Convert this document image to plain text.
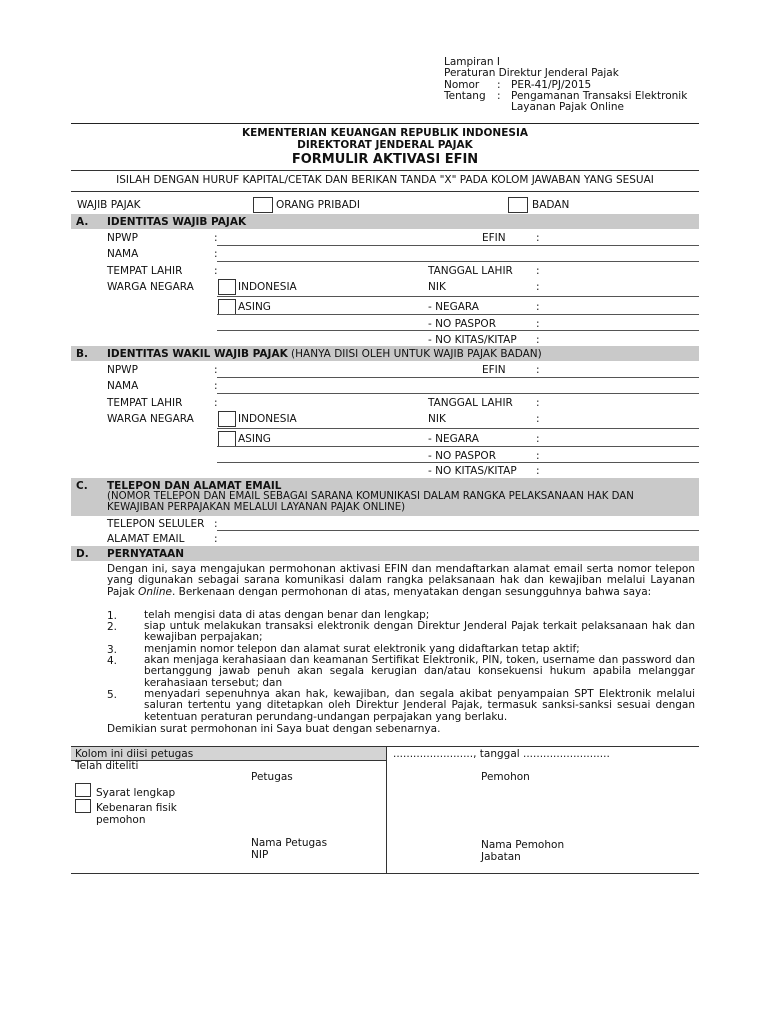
Lampiran I
Peraturan Direktur Jenderal Pajak
Nomor : PER-41/PJ/2015
Tentang : Pengamanan Transaksi Elektronik
Layanan Pajak Online
KEMENTERIAN KEUANGAN REPUBLIK INDONESIA
DIREKTORAT JENDERAL PAJAK
FORMULIR AKTIVASI EFIN
ISILAH DENGAN HURUF KAPITAL/CETAK DAN BERIKAN TANDA "X" PADA KOLOM JAWABAN YANG SESUAI
WAJIB PAJAK	ORANG PRIBADI	BADAN
A. IDENTITAS WAJIB PAJAK
NPWP	:	EFIN	:
NAMA	:
TEMPAT LAHIR	:	TANGGAL LAHIR :
WARGA NEGARA	INDONESIA	NIK	:
ASING	- NEGARA	:
- NO PASPOR	:
- NO KITAS/KITAP :
B. IDENTITAS WAKIL WAJIB PAJAK (HANYA DIISI OLEH UNTUK WAJIB PAJAK BADAN)
NPWP	:	EFIN	:
NAMA	:
TEMPAT LAHIR	:	TANGGAL LAHIR :
WARGA NEGARA	INDONESIA	NIK	:
ASING	- NEGARA	:
- NO PASPOR	:
- NO KITAS/KITAP :
C. TELEPON DAN ALAMAT EMAIL
(NOMOR TELEPON DAN EMAIL SEBAGAI SARANA KOMUNIKASI DALAM RANGKA PELAKSANAAN HAK DAN
KEWAJIBAN PERPAJAKAN MELALUI LAYANAN PAJAK ONLINE)
TELEPON SELULER :
ALAMAT EMAIL	:
D. PERNYATAAN
Dengan ini, saya mengajukan permohonan aktivasi EFIN dan mendaftarkan alamat email serta nomor telepon yang digunakan sebagai sarana komunikasi dalam rangka pelaksanaan hak dan kewajiban melalui Layanan Pajak Online. Berkenaan dengan permohonan di atas, menyatakan dengan sesungguhnya bahwa saya:
1.	telah mengisi data di atas dengan benar dan lengkap;
2.	siap untuk melakukan transaksi elektronik dengan Direktur Jenderal Pajak terkait pelaksanaan hak dan kewajiban perpajakan;
3.	menjamin nomor telepon dan alamat surat elektronik yang didaftarkan tetap aktif;
4.	akan menjaga kerahasiaan dan keamanan Sertifikat Elektronik, PIN, token, username dan password dan bertanggung jawab penuh akan segala kerugian dan/atau konsekuensi hukum apabila melanggar kerahasiaan tersebut; dan
5.	menyadari sepenuhnya akan hak, kewajiban, dan segala akibat penyampaian SPT Elektronik melalui saluran tertentu yang ditetapkan oleh Direktur Jenderal Pajak, termasuk sanksi-sanksi sesuai dengan ketentuan peraturan perundang-undangan perpajakan yang berlaku.
Demikian surat permohonan ini Saya buat dengan sebenarnya.
Kolom ini diisi petugas	........................, tanggal ..........................
Telah diteliti
Petugas	Pemohon
Syarat lengkap
Kebenaran fisik
pemohon
Nama Petugas
NIP
Nama Pemohon
Jabatan
